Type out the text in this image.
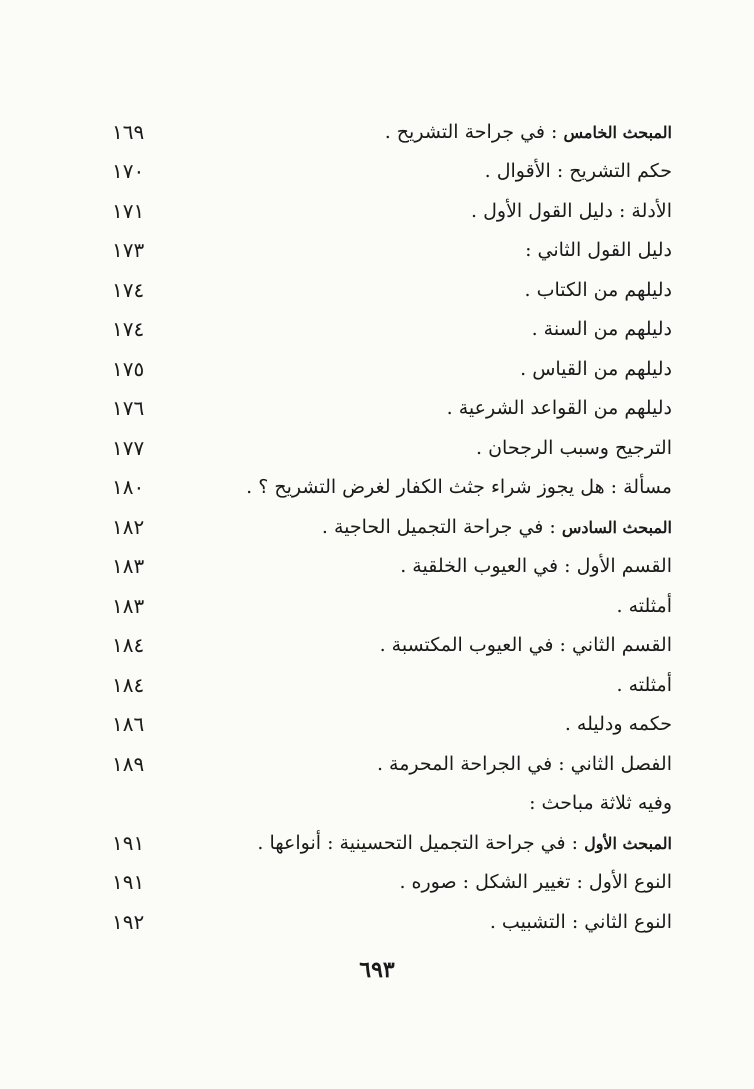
المبحث الخامس : في جراحة التشريح .
١٦٩
حكم التشريح : الأقوال .
١٧٠
الأدلة : دليل القول الأول .
١٧١
دليل القول الثاني :
١٧٣
دليلهم من الكتاب .
١٧٤
دليلهم من السنة .
١٧٤
دليلهم من القياس .
١٧٥
دليلهم من القواعد الشرعية .
١٧٦
الترجيح وسبب الرجحان .
١٧٧
مسألة : هل يجوز شراء جثث الكفار لغرض التشريح ؟ .
١٨٠
المبحث السادس : في جراحة التجميل الحاجية .
١٨٢
القسم الأول : في العيوب الخلقية .
١٨٣
أمثلته .
١٨٣
القسم الثاني : في العيوب المكتسبة .
١٨٤
أمثلته .
١٨٤
حكمه ودليله .
١٨٦
الفصل الثاني : في الجراحة المحرمة .
١٨٩
وفيه ثلاثة مباحث :
المبحث الأول : في جراحة التجميل التحسينية : أنواعها .
١٩١
النوع الأول : تغيير الشكل : صوره .
١٩١
النوع الثاني : التشبيب .
١٩٢
٦٩٣
